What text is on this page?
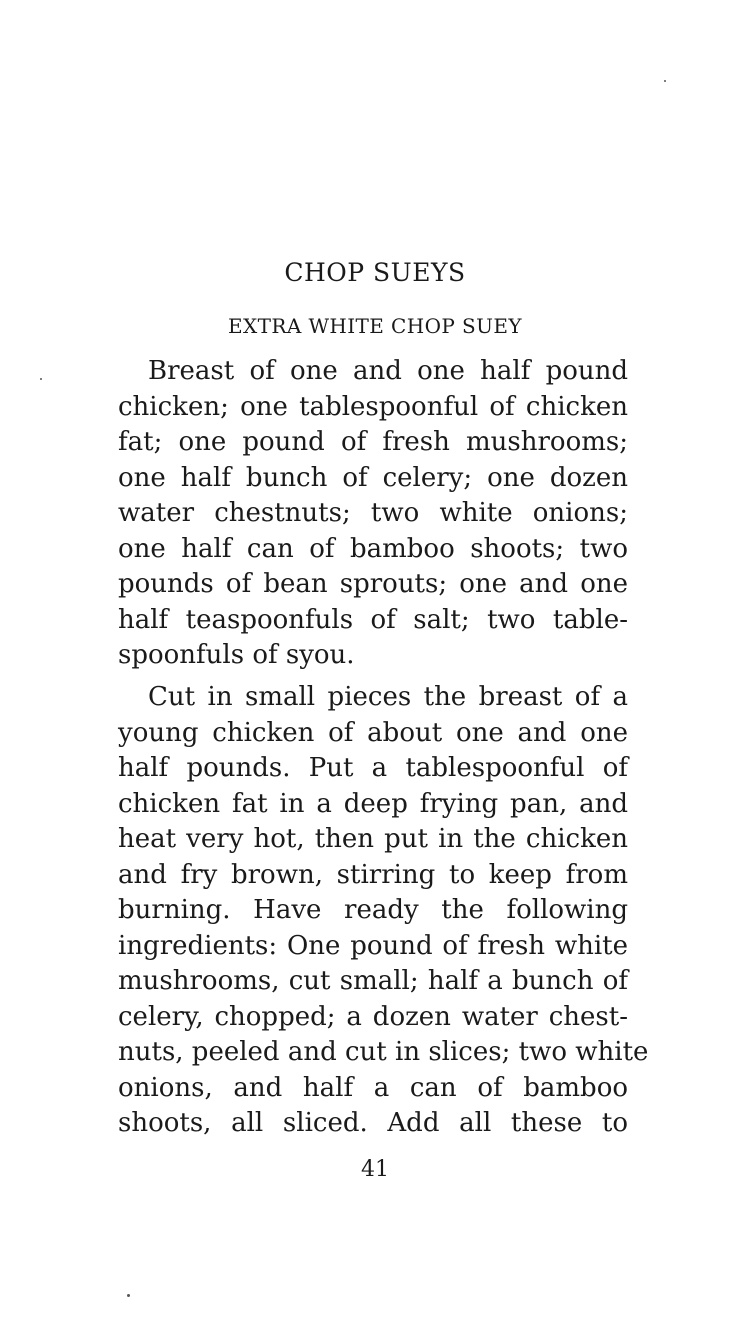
CHOP SUEYS
EXTRA WHITE CHOP SUEY
Breast of one and one half pound
chicken; one tablespoonful of chicken
fat; one pound of fresh mushrooms;
one half bunch of celery; one dozen
water chestnuts; two white onions;
one half can of bamboo shoots; two
pounds of bean sprouts; one and one
half teaspoonfuls of salt; two table-
spoonfuls of syou.
Cut in small pieces the breast of a
young chicken of about one and one
half pounds. Put a tablespoonful of
chicken fat in a deep frying pan, and
heat very hot, then put in the chicken
and fry brown, stirring to keep from
burning. Have ready the following
ingredients: One pound of fresh white
mushrooms, cut small; half a bunch of
celery, chopped; a dozen water chest-
nuts, peeled and cut in slices; two white
onions, and half a can of bamboo
shoots, all sliced. Add all these to
41
